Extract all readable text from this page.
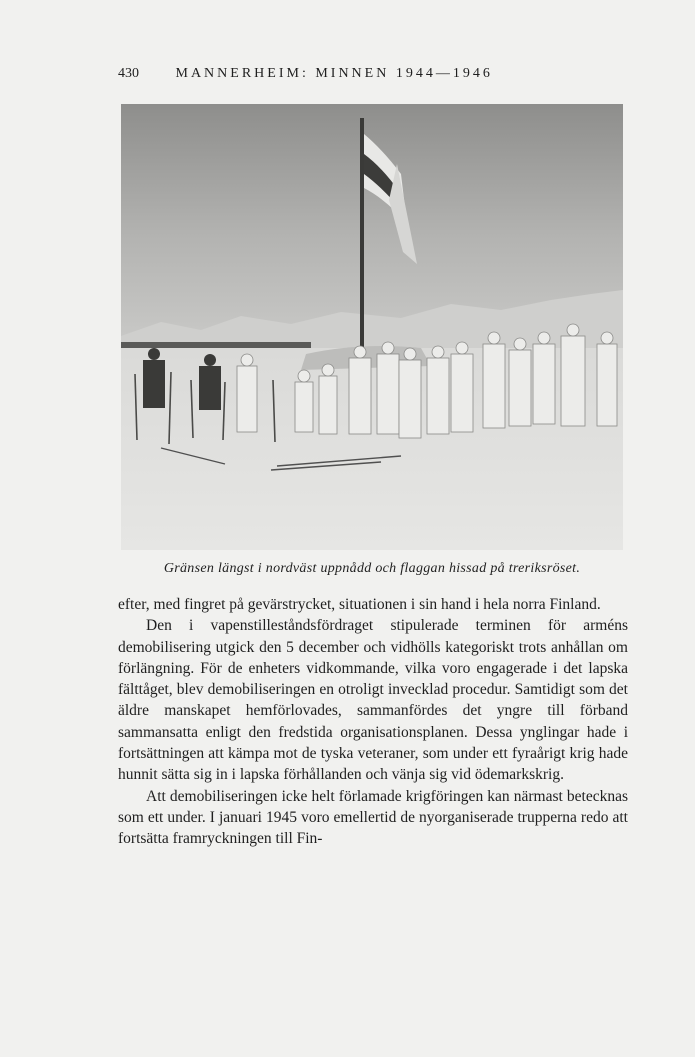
430	MANNERHEIM: MINNEN 1944—1946
Gränsen längst i nordväst uppnådd och flaggan hissad på treriksröset.

efter, med fingret på gevärstrycket, situationen i sin hand i hela norra Finland.

Den i vapenstilleståndsfördraget stipulerade terminen för arméns demobilisering utgick den 5 december och vidhölls kategoriskt trots anhållan om förlängning. För de enheters vidkommande, vilka voro engagerade i det lapska fälttåget, blev demobiliseringen en otroligt invecklad procedur. Samtidigt som det äldre manskapet hemförlovades, sammanfördes det yngre till förband sammansatta enligt den fredstida organisationsplanen. Dessa ynglingar hade i fortsättningen att kämpa mot de tyska veteraner, som under ett fyraårigt krig hade hunnit sätta sig in i lapska förhållanden och vänja sig vid ödemarkskrig.

Att demobiliseringen icke helt förlamade krigföringen kan närmast betecknas som ett under. I januari 1945 voro emellertid de nyorganiserade trupperna redo att fortsätta framryckningen till Fin-
